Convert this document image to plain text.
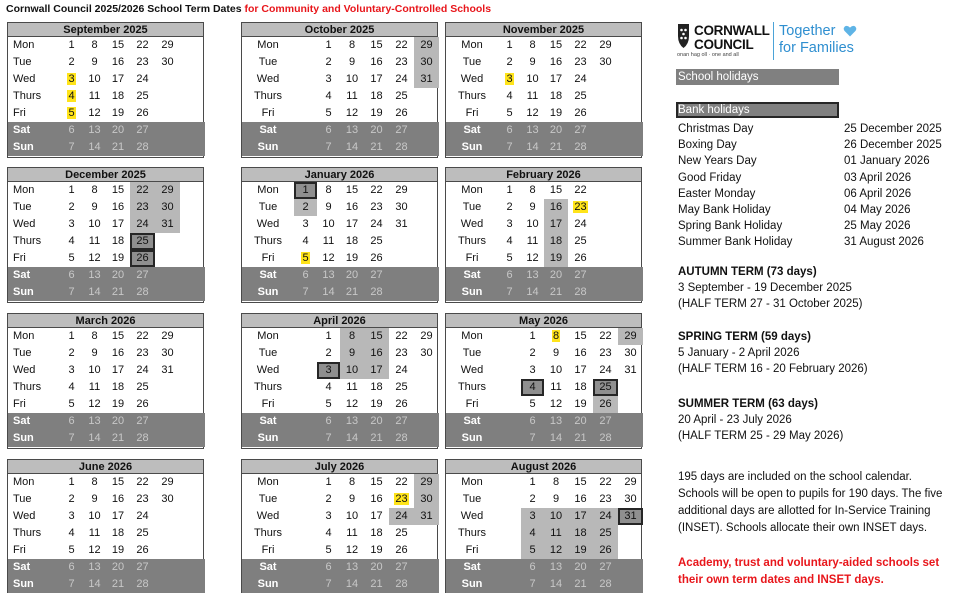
Cornwall Council 2025/2026 School Term Dates for Community and Voluntary-Controlled Schools
September 2025
Mon	1	8	15	22	29
Tue	2	9	16	23	30
Wed	3	10	17	24
Thurs	4	11	18	25
Fri	5	12	19	26
Sat	6	13	20	27
Sun	7	14	21	28
October 2025
Mon	1	8	15	22	29
Tue	2	9	16	23	30
Wed	3	10	17	24	31
Thurs	4	11	18	25
Fri	5	12	19	26
Sat	6	13	20	27
Sun	7	14	21	28
November 2025
Mon	1	8	15	22	29
Tue	2	9	16	23	30
Wed	3	10	17	24
Thurs	4	11	18	25
Fri	5	12	19	26
Sat	6	13	20	27
Sun	7	14	21	28
December 2025
Mon	1	8	15	22	29
Tue	2	9	16	23	30
Wed	3	10	17	24	31
Thurs	4	11	18	25
Fri	5	12	19	26
Sat	6	13	20	27
Sun	7	14	21	28
January 2026
Mon	1	8	15	22	29
Tue	2	9	16	23	30
Wed	3	10	17	24	31
Thurs	4	11	18	25
Fri	5	12	19	26
Sat	6	13	20	27
Sun	7	14	21	28
February 2026
Mon	1	8	15	22
Tue	2	9	16	23
Wed	3	10	17	24
Thurs	4	11	18	25
Fri	5	12	19	26
Sat	6	13	20	27
Sun	7	14	21	28
March 2026
Mon	1	8	15	22	29
Tue	2	9	16	23	30
Wed	3	10	17	24	31
Thurs	4	11	18	25
Fri	5	12	19	26
Sat	6	13	20	27
Sun	7	14	21	28
April 2026
Mon	1	8	15	22	29
Tue	2	9	16	23	30
Wed	3	10	17	24
Thurs	4	11	18	25
Fri	5	12	19	26
Sat	6	13	20	27
Sun	7	14	21	28
May 2026
Mon	1	8	15	22	29
Tue	2	9	16	23	30
Wed	3	10	17	24	31
Thurs	4	11	18	25
Fri	5	12	19	26
Sat	6	13	20	27
Sun	7	14	21	28
June 2026
Mon	1	8	15	22	29
Tue	2	9	16	23	30
Wed	3	10	17	24
Thurs	4	11	18	25
Fri	5	12	19	26
Sat	6	13	20	27
Sun	7	14	21	28
July 2026
Mon	1	8	15	22	29
Tue	2	9	16	23	30
Wed	3	10	17	24	31
Thurs	4	11	18	25
Fri	5	12	19	26
Sat	6	13	20	27
Sun	7	14	21	28
August 2026
Mon	1	8	15	22	29
Tue	2	9	16	23	30
Wed	3	10	17	24	31
Thurs	4	11	18	25
Fri	5	12	19	26
Sat	6	13	20	27
Sun	7	14	21	28
CORNWALL
COUNCIL
onan hag oll · one and all
Together
for Families
School holidays
Bank holidays
Christmas Day	25 December 2025
Boxing Day	26 December 2025
New Years Day	01 January 2026
Good Friday	03 April 2026
Easter Monday	06 April 2026
May Bank Holiday	04 May 2026
Spring Bank Holiday	25 May 2026
Summer Bank Holiday	31 August 2026
AUTUMN TERM (73 days)
3 September - 19 December 2025
(HALF TERM 27 - 31 October 2025)
SPRING TERM (59 days)
5 January - 2 April 2026
(HALF TERM 16 - 20 February 2026)
SUMMER TERM (63 days)
20 April - 23 July 2026
(HALF TERM 25 - 29 May 2026)
195 days are included on the school calendar. Schools will be open to pupils for 190 days. The five additional days are allotted for In-Service Training (INSET). Schools allocate their own INSET days.
Academy, trust and voluntary-aided schools set their own term dates and INSET days.
